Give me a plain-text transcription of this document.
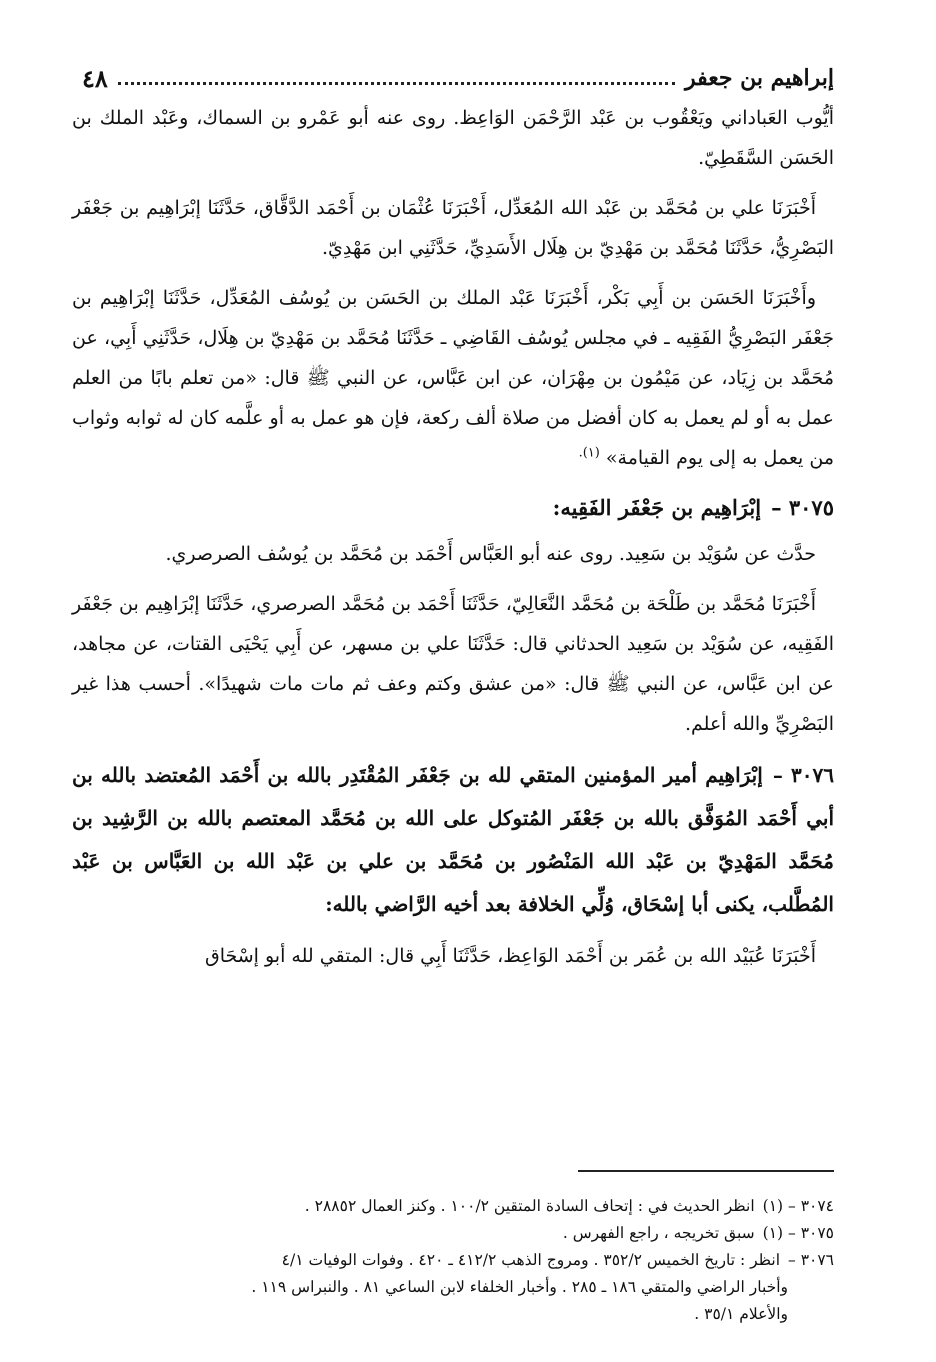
إبراهيم بن جعفر
٤٨

أيُّوب العَباداني ويَعْقُوب بن عَبْد الرَّحْمَن الوَاعِظ. روى عنه أبو عَمْرو بن السماك، وعَبْد الملك بن الحَسَن السَّقَطِيّ.

أَخْبَرَنَا علي بن مُحَمَّد بن عَبْد الله المُعَدِّل، أَخْبَرَنَا عُثْمَان بن أَحْمَد الدَّقَّاق، حَدَّثَنَا إبْرَاهِيم بن جَعْفَر البَصْرِيُّ، حَدَّثَنَا مُحَمَّد بن مَهْدِيّ بن هِلَال الأَسَدِيِّ، حَدَّثَنِي ابن مَهْدِيّ.

وأَخْبَرَنَا الحَسَن بن أَبِي بَكْر، أَخْبَرَنَا عَبْد الملك بن الحَسَن بن يُوسُف المُعَدِّل، حَدَّثَنَا إبْرَاهِيم بن جَعْفَر البَصْرِيُّ الفَقِيه ـ في مجلس يُوسُف القَاضِي ـ حَدَّثَنَا مُحَمَّد بن مَهْدِيّ بن هِلَال، حَدَّثَنِي أَبِي، عن مُحَمَّد بن زِيَاد، عن مَيْمُون بن مِهْرَان، عن ابن عَبَّاس، عن النبي ﷺ قال: «من تعلم بابًا من العلم عمل به أو لم يعمل به كان أفضل من صلاة ألف ركعة، فإن هو عمل به أو علَّمه كان له ثوابه وثواب من يعمل به إلى يوم القيامة» $^{(١).}$

٣٠٧٥ –إبْرَاهِيم بن جَعْفَر الفَقِيه:

حدَّث عن سُوَيْد بن سَعِيد. روى عنه أبو العَبَّاس أَحْمَد بن مُحَمَّد بن يُوسُف الصرصري.

أَخْبَرَنَا مُحَمَّد بن طَلْحَة بن مُحَمَّد النَّعَالِيّ، حَدَّثَنَا أَحْمَد بن مُحَمَّد الصرصري، حَدَّثَنَا إبْرَاهِيم بن جَعْفَر الفَقِيه، عن سُوَيْد بن سَعِيد الحدثاني قال: حَدَّثَنَا علي بن مسهر، عن أَبِي يَحْيَى القتات، عن مجاهد، عن ابن عَبَّاس، عن النبي ﷺ قال: «من عشق وكتم وعف ثم مات مات شهيدًا». أحسب هذا غير البَصْرِيِّ والله أعلم.

٣٠٧٦ –إبْرَاهِيم أمير المؤمنين المتقي لله بن جَعْفَر المُقْتَدِر بالله بن أَحْمَد المُعتضد بالله بن أبي أَحْمَد المُوَفَّق بالله بن جَعْفَر المُتوكل على الله بن مُحَمَّد المعتصم بالله بن الرَّشِيد بن مُحَمَّد المَهْدِيّ بن عَبْد الله المَنْصُور بن مُحَمَّد بن علي بن عَبْد الله بن العَبَّاس بن عَبْد المُطَّلب، يكنى أبا إسْحَاق، وُلِّي الخلافة بعد أخيه الرَّاضي بالله:

أَخْبَرَنَا عُبَيْد الله بن عُمَر بن أَحْمَد الوَاعِظ، حَدَّثَنَا أَبِي قال: المتقي لله أبو إسْحَاق

٣٠٧٤ – (١)انظر الحديث في : إتحاف السادة المتقين ١٠٠/٢ . وكنز العمال ٢٨٨٥٢ .
٣٠٧٥ – (١)سبق تخريجه ، راجع الفهرس .
٣٠٧٦ –انظر : تاريخ الخميس ٣٥٢/٢ . ومروج الذهب ٤١٢/٢ ـ ٤٢٠ . وفوات الوفيات ٤/١
وأخبار الراضي والمتقي ١٨٦ ـ ٢٨٥ . وأخبار الخلفاء لابن الساعي ٨١ . والنبراس ١١٩ .
والأعلام ٣٥/١ .
